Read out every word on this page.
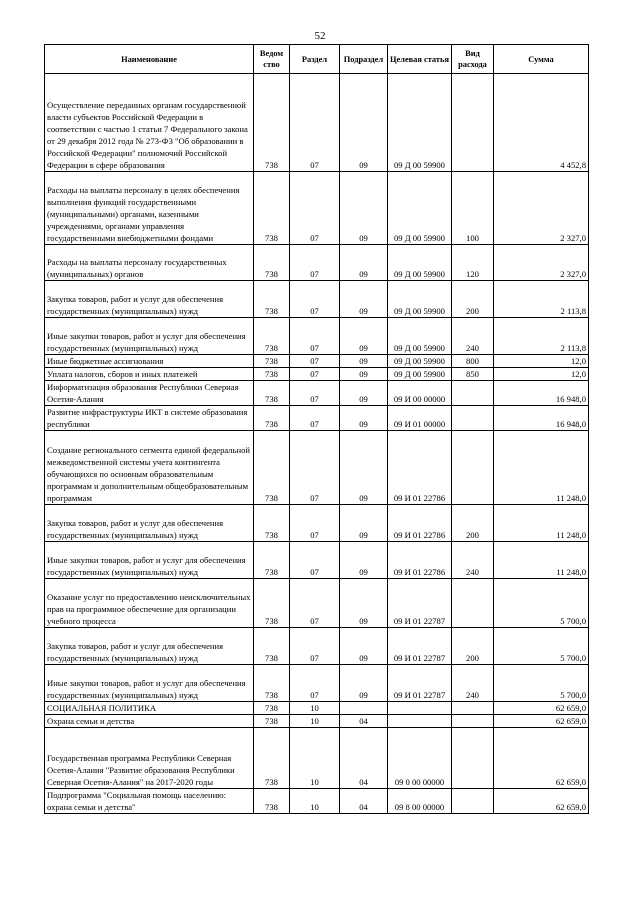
52
Наименование	Ведом ство	Раздел	Подраздел	Целевая статья	Вид расхода	Сумма
Осуществление переданных органам государственной власти субъектов Российской Федерации в соответствии с частью 1 статьи 7 Федерального закона от 29 декабря 2012 года № 273-ФЗ "Об образовании в Российской Федерации" полномочий Российской Федерации в сфере образования	738	07	09	09 Д 00 59900		4 452,8
Расходы на выплаты персоналу в целях обеспечения выполнения функций государственными (муниципальными) органами, казенными учреждениями, органами управления государственными внебюджетными фондами	738	07	09	09 Д 00 59900	100	2 327,0
Расходы на выплаты персоналу государственных (муниципальных) органов	738	07	09	09 Д 00 59900	120	2 327,0
Закупка товаров, работ и услуг для обеспечения государственных (муниципальных) нужд	738	07	09	09 Д 00 59900	200	2 113,8
Иные закупки товаров, работ и услуг для обеспечения государственных (муниципальных) нужд	738	07	09	09 Д 00 59900	240	2 113,8
Иные бюджетные ассигнования	738	07	09	09 Д 00 59900	800	12,0
Уплата налогов, сборов и иных платежей	738	07	09	09 Д 00 59900	850	12,0
Информатизация образования Республики Северная Осетия-Алания	738	07	09	09 И 00 00000		16 948,0
Развитие инфраструктуры ИКТ в системе образования республики	738	07	09	09 И 01 00000		16 948,0
Создание регионального сегмента единой федеральной межведомственной системы учета контингента обучающихся по основным образовательным программам и дополнительным общеобразовательным программам	738	07	09	09 И 01 22786		11 248,0
Закупка товаров, работ и услуг для обеспечения государственных (муниципальных) нужд	738	07	09	09 И 01 22786	200	11 248,0
Иные закупки товаров, работ и услуг для обеспечения государственных (муниципальных) нужд	738	07	09	09 И 01 22786	240	11 248,0
Оказание услуг по предоставлению неисключительных прав на программное обеспечение для организации учебного процесса	738	07	09	09 И 01 22787		5 700,0
Закупка товаров, работ и услуг для обеспечения государственных (муниципальных) нужд	738	07	09	09 И 01 22787	200	5 700,0
Иные закупки товаров, работ и услуг для обеспечения государственных (муниципальных) нужд	738	07	09	09 И 01 22787	240	5 700,0
СОЦИАЛЬНАЯ ПОЛИТИКА	738	10				62 659,0
Охрана семьи и детства	738	10	04			62 659,0
Государственная программа Республики Северная Осетия-Алания "Развитие образования Республики Северная Осетия-Алания" на 2017-2020 годы	738	10	04	09 0 00 00000		62 659,0
Подпрограмма "Социальная помощь населению: охрана семьи и детства"	738	10	04	09 8 00 00000		62 659,0
